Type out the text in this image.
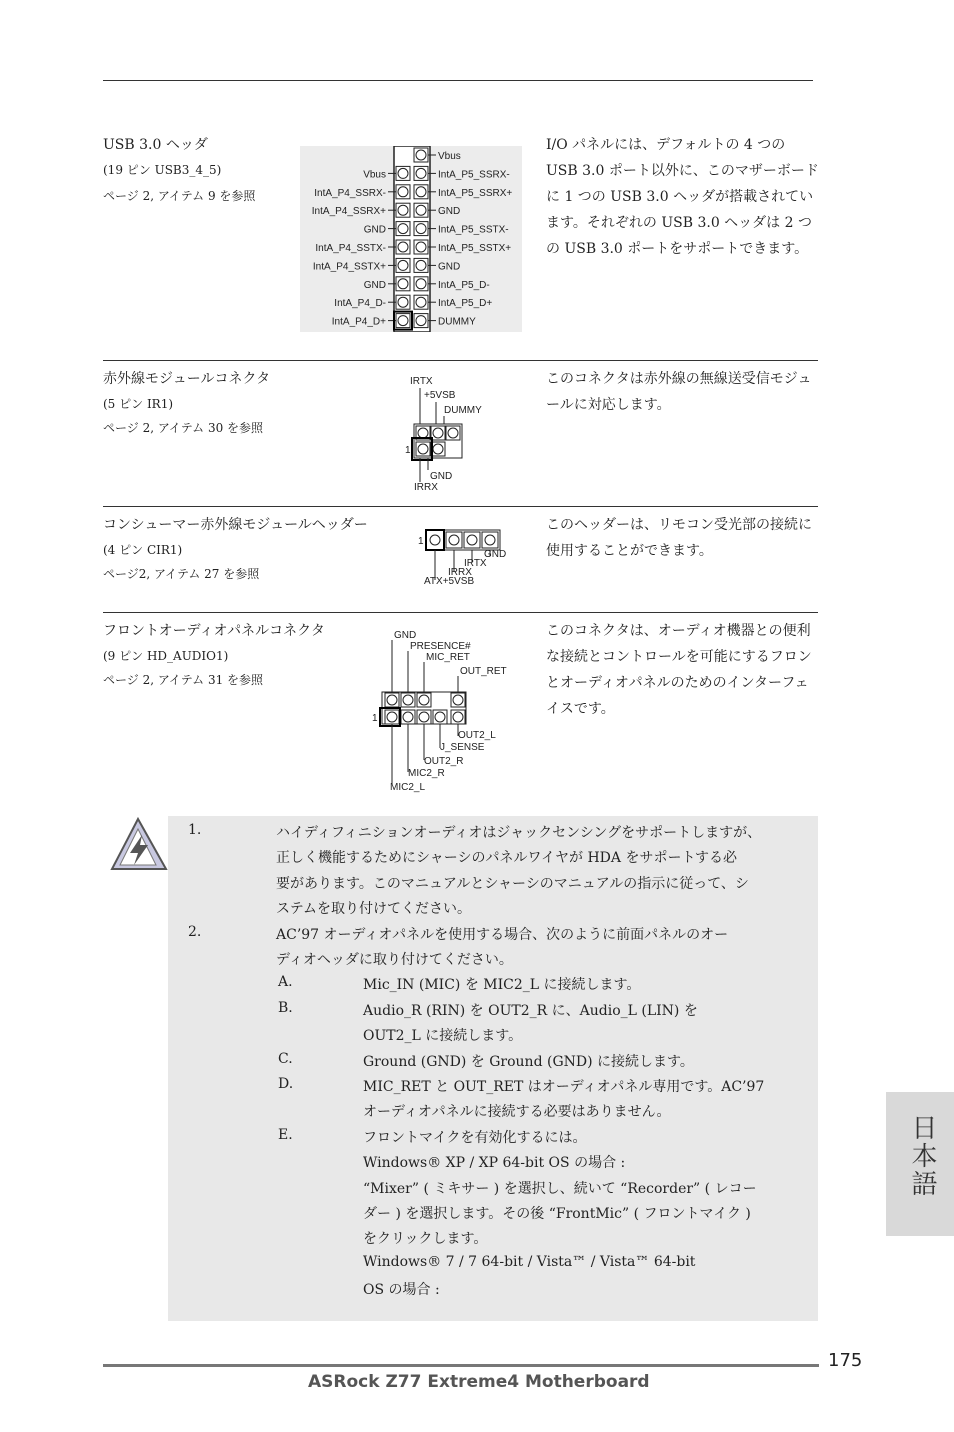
USB 3.0 ヘッダ
(19 ピン USB3_4_5)
ページ 2, アイテム 9 を参照
Vbus
IntA_P5_SSRX-
IntA_P5_SSRX+
GND
IntA_P5_SSTX-
IntA_P5_SSTX+
GND
IntA_P5_D-
IntA_P5_D+
DUMMY
Vbus
IntA_P4_SSRX-
IntA_P4_SSRX+
GND
IntA_P4_SSTX-
IntA_P4_SSTX+
GND
IntA_P4_D-
IntA_P4_D+
I/O パネルには、デフォルトの 4 つの USB 3.0 ポート以外に、このマザーボードに 1 つの USB 3.0 ヘッダが搭載されています。それぞれの USB 3.0 ヘッダは 2 つの USB 3.0 ポートをサポートできます。
赤外線モジュールコネクタ
(5 ピン IR1)
ページ 2, アイテム 30 を参照
IRTX
+5VSB
DUMMY
1
GND
IRRX
このコネクタは赤外線の無線送受信モジュールに対応します。
コンシューマー赤外線モジュールヘッダー
(4 ピン CIR1)
ページ2, アイテム 27 を参照
1
GND
IRTX
IRRX
ATX+5VSB
このヘッダーは、リモコン受光部の接続に使用することができます。
フロントオーディオパネルコネクタ
(9 ピン HD_AUDIO1)
ページ 2, アイテム 31 を参照
GND
PRESENCE#
MIC_RET
OUT_RET
1
OUT2_L
J_SENSE
OUT2_R
MIC2_R
MIC2_L
このコネクタは、オーディオ機器との便利な接続とコントロールを可能にするフロンとオーディオパネルのためのインターフェイスです。
1.	ハイディフィニションオーディオはジャックセンシングをサポートしますが、
正しく機能するためにシャーシのパネルワイヤが HDA をサポートする必
要があります。このマニュアルとシャーシのマニュアルの指示に従って、シ
ステムを取り付けてください。
2.	AC’97 オーディオパネルを使用する場合、次のように前面パネルのオー
ディオヘッダに取り付けてください。
A.	Mic_IN (MIC) を MIC2_L に接続します。
B.	Audio_R (RIN) を OUT2_R に、Audio_L (LIN) を
OUT2_L に接続します。
C.	Ground (GND) を Ground (GND) に接続します。
D.	MIC_RET と OUT_RET はオーディオパネル専用です。AC’97
オーディオパネルに接続する必要はありません。
E.	フロントマイクを有効化するには。
Windows® XP / XP 64-bit OS の場合 :
“Mixer” ( ミキサー ) を選択し、続いて “Recorder” ( レコー
ダー ) を選択します。その後 “FrontMic” ( フロントマイク )
をクリックします。
Windows® 7 / 7 64-bit / Vista™ / Vista™ 64-bit
OS の場合 :
日本語
175
ASRock Z77 Extreme4 Motherboard
